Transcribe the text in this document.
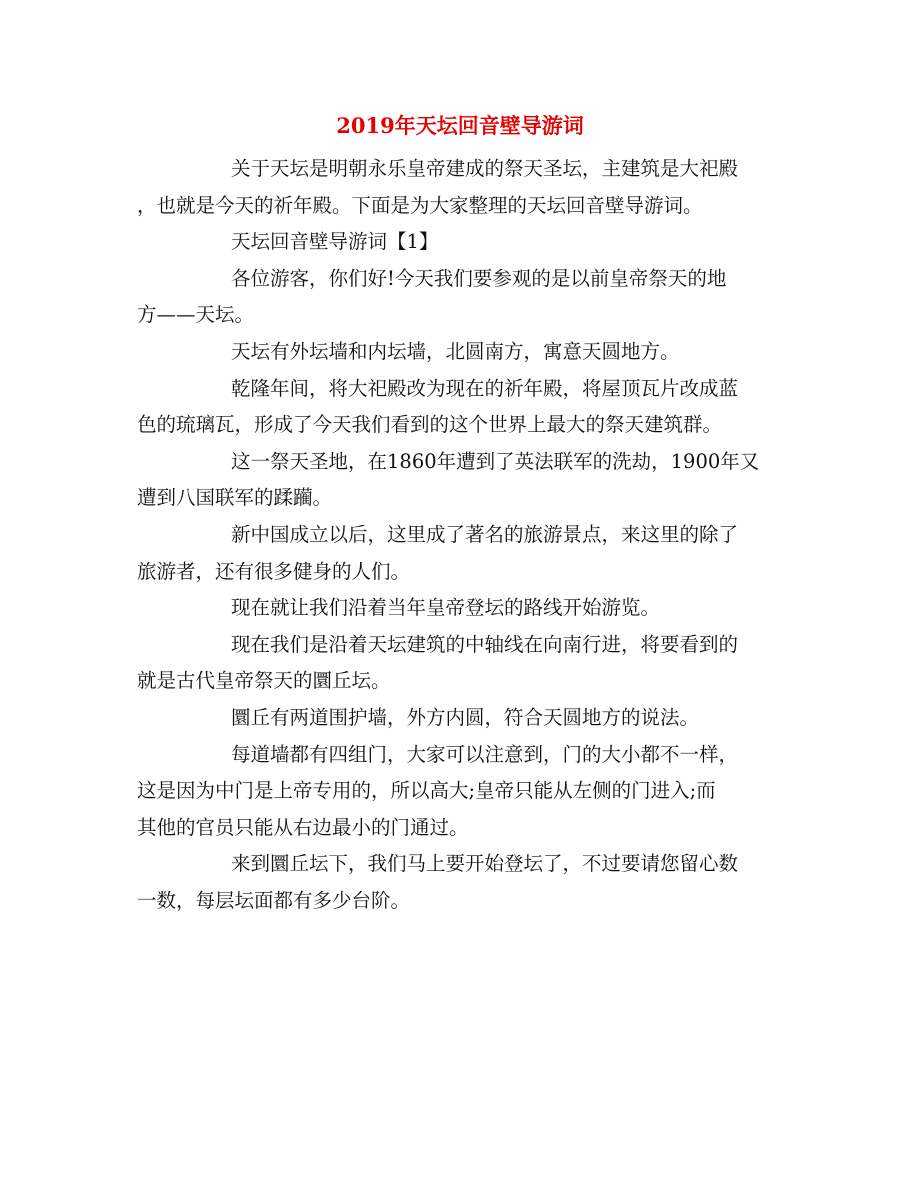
2019年天坛回音壁导游词

关于天坛是明朝永乐皇帝建成的祭天圣坛，主建筑是大祀殿
，也就是今天的祈年殿。下面是为大家整理的天坛回音壁导游词。

天坛回音壁导游词【1】

各位游客，你们好!今天我们要参观的是以前皇帝祭天的地
方——天坛。

天坛有外坛墙和内坛墙，北圆南方，寓意天圆地方。

乾隆年间，将大祀殿改为现在的祈年殿，将屋顶瓦片改成蓝
色的琉璃瓦，形成了今天我们看到的这个世界上最大的祭天建筑群。

这一祭天圣地，在1860年遭到了英法联军的洗劫，1900年又
遭到八国联军的蹂躏。

新中国成立以后，这里成了著名的旅游景点，来这里的除了
旅游者，还有很多健身的人们。

现在就让我们沿着当年皇帝登坛的路线开始游览。

现在我们是沿着天坛建筑的中轴线在向南行进，将要看到的
就是古代皇帝祭天的圜丘坛。

圜丘有两道围护墙，外方内圆，符合天圆地方的说法。

每道墙都有四组门，大家可以注意到，门的大小都不一样，
这是因为中门是上帝专用的，所以高大;皇帝只能从左侧的门进入;而
其他的官员只能从右边最小的门通过。

来到圜丘坛下，我们马上要开始登坛了，不过要请您留心数
一数，每层坛面都有多少台阶。
